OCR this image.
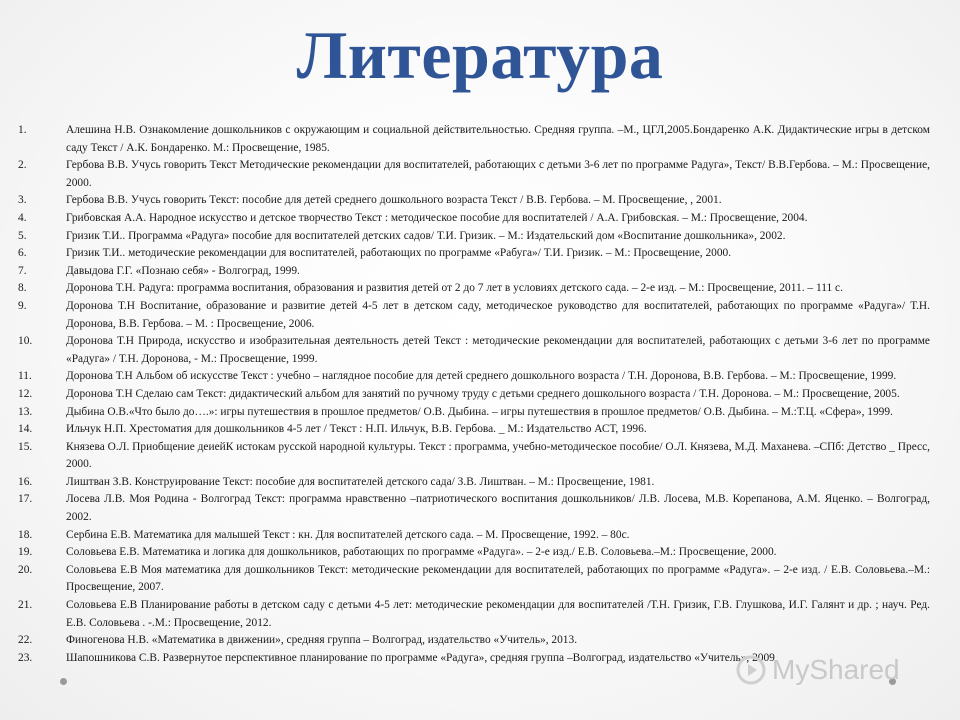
Литература
1.	Алешина Н.В. Ознакомление дошкольников с окружающим и социальной действительностью. Средняя группа. –М., ЦГЛ,2005.Бондаренко А.К. Дидактические игры в детском саду Текст / А.К. Бондаренко. М.: Просвещение, 1985.
2.	Гербова В.В. Учусь говорить Текст Методические рекомендации для воспитателей, работающих с детьми 3-6 лет по программе Радуга», Текст/ В.В.Гербова. – М.: Просвещение, 2000.
3.	Гербова В.В. Учусь говорить Текст: пособие для детей среднего дошкольного возраста Текст / В.В. Гербова. – М. Просвещение, , 2001.
4.	Грибовская А.А. Народное искусство и детское творчество Текст : методическое пособие для воспитателей / А.А. Грибовская. – М.: Просвещение, 2004.
5.	Гризик Т.И.. Программа «Радуга» пособие для воспитателей детских садов/ Т.И. Гризик. – М.: Издательский дом «Воспитание дошкольника», 2002.
6.	Гризик Т.И.. методические рекомендации для воспитателей, работающих по программе «Рабуга»/ Т.И. Гризик. – М.: Просвещение, 2000.
7.	Давыдова Г.Г. «Познаю себя» - Волгоград, 1999.
8.	Доронова Т.Н. Радуга: программа воспитания, образования и развития детей от 2 до 7 лет в условиях детского сада. – 2-е изд. – М.: Просвещение, 2011. – 111 с.
9.	Доронова Т.Н Воспитание, образование и развитие детей 4-5 лет в детском саду, методическое руководство для воспитателей, работающих по программе «Радуга»/ Т.Н. Доронова, В.В. Гербова. – М. : Просвещение, 2006.
10.	Доронова Т.Н Природа, искусство и изобразительная деятельность детей Текст : методические рекомендации для воспитателей, работающих с детьми 3-6 лет по программе «Радуга» / Т.Н. Доронова, - М.: Просвещение, 1999.
11.	Доронова Т.Н Альбом об искусстве Текст : учебно – наглядное пособие для детей среднего дошкольного возраста / Т.Н. Доронова, В.В. Гербова. – М.: Просвещение, 1999.
12.	Доронова Т.Н Сделаю сам Текст: дидактический альбом для занятий по ручному труду с детьми среднего дошкольного возраста / Т.Н. Доронова. – М.: Просвещение, 2005.
13.	Дыбина О.В.«Что было до….»: игры путешествия в прошлое предметов/ О.В. Дыбина. – игры путешествия в прошлое предметов/ О.В. Дыбина. – М.:Т.Ц. «Сфера», 1999.
14.	Ильчук Н.П. Хрестоматия для дошкольников 4-5 лет / Текст : Н.П. Ильчук, В.В. Гербова. _ М.: Издательство АСТ, 1996.
15.	Князева О.Л. Приобщение деиейК истокам русской народной культуры. Текст : программа, учебно-методическое пособие/ О.Л. Князева, М.Д. Маханева. –СПб: Детство _ Пресс, 2000.
16.	Лиштван З.В. Конструирование Текст: пособие для воспитателей детского сада/ З.В. Лиштван. – М.: Просвещение, 1981.
17.	Лосева Л.В. Моя Родина - Волгоград Текст: программа нравственно –патриотического воспитания дошкольников/ Л.В. Лосева, М.В. Корепанова, А.М. Яценко. – Волгоград, 2002.
18.	Сербина Е.В. Математика для малышей Текст : кн. Для воспитателей детского сада. – М. Просвещение, 1992. – 80с.
19.	Соловьева Е.В. Математика и логика для дошкольников, работающих по программе «Радуга». – 2-е изд./ Е.В. Соловьева.–М.: Просвещение, 2000.
20.	Соловьева Е.В Моя математика для дошкольников Текст: методические рекомендации для воспитателей, работающих по программе «Радуга». – 2-е изд. / Е.В. Соловьева.–М.: Просвещение, 2007.
21.	Соловьева Е.В Планирование работы в детском саду с детьми 4-5 лет: методические рекомендации для воспитателей /Т.Н. Гризик, Г.В. Глушкова, И.Г. Галянт и др. ; науч. Ред. Е.В. Соловьева . -.М.: Просвещение, 2012.
22.	Финогенова Н.В. «Математика в движении», средняя группа – Волгоград, издательство «Учитель», 2013.
23.	Шапошникова С.В. Развернутое перспективное планирование по программе «Радуга», средняя группа –Волгоград, издательство «Учитель», 2009
MyShared
